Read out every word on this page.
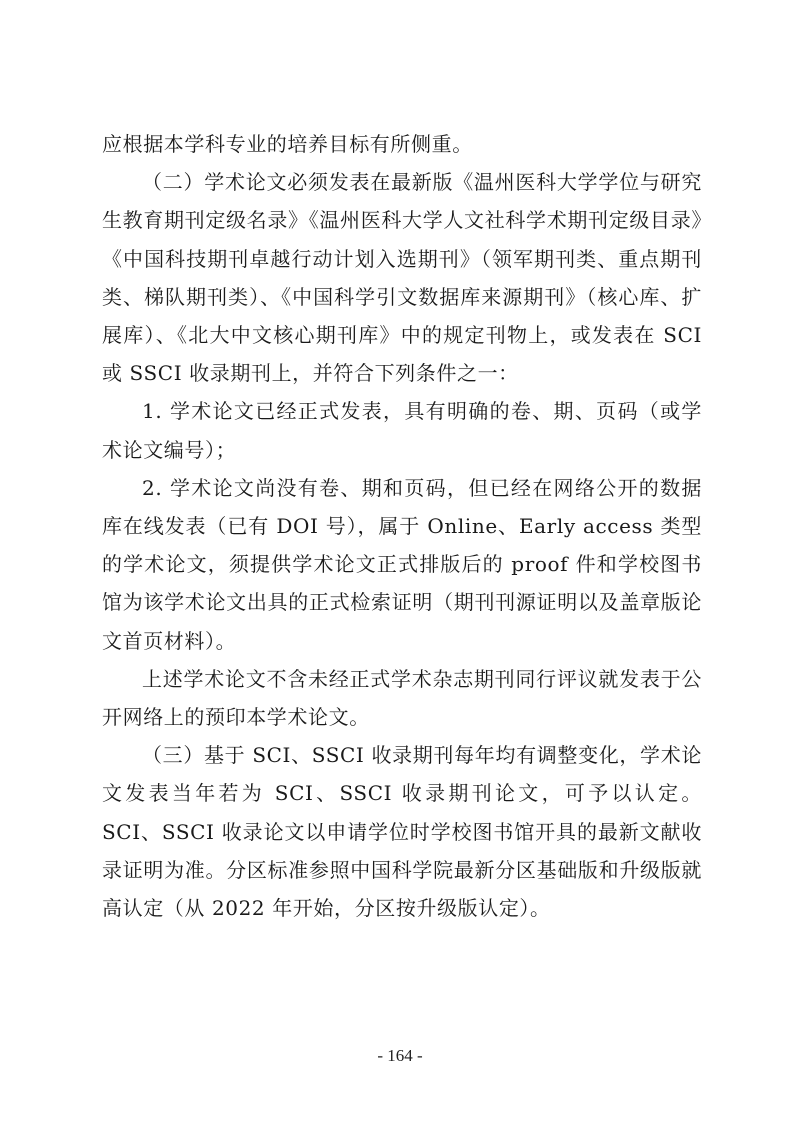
应根据本学科专业的培养目标有所侧重。

（二）学术论文必须发表在最新版《温州医科大学学位与研究生教育期刊定级名录》《温州医科大学人文社科学术期刊定级目录》《中国科技期刊卓越行动计划入选期刊》（领军期刊类、重点期刊类、梯队期刊类）、《中国科学引文数据库来源期刊》（核心库、扩展库）、《北大中文核心期刊库》中的规定刊物上，或发表在 SCI 或 SSCI 收录期刊上，并符合下列条件之一：

1. 学术论文已经正式发表，具有明确的卷、期、页码（或学术论文编号）；

2. 学术论文尚没有卷、期和页码，但已经在网络公开的数据库在线发表（已有 DOI 号），属于 Online、Early access 类型的学术论文，须提供学术论文正式排版后的 proof 件和学校图书馆为该学术论文出具的正式检索证明（期刊刊源证明以及盖章版论文首页材料）。

上述学术论文不含未经正式学术杂志期刊同行评议就发表于公开网络上的预印本学术论文。

（三）基于 SCI、SSCI 收录期刊每年均有调整变化，学术论文发表当年若为 SCI、SSCI 收录期刊论文，可予以认定。 SCI、SSCI 收录论文以申请学位时学校图书馆开具的最新文献收录证明为准。分区标准参照中国科学院最新分区基础版和升级版就高认定（从 2022 年开始，分区按升级版认定）。

- 164 -
